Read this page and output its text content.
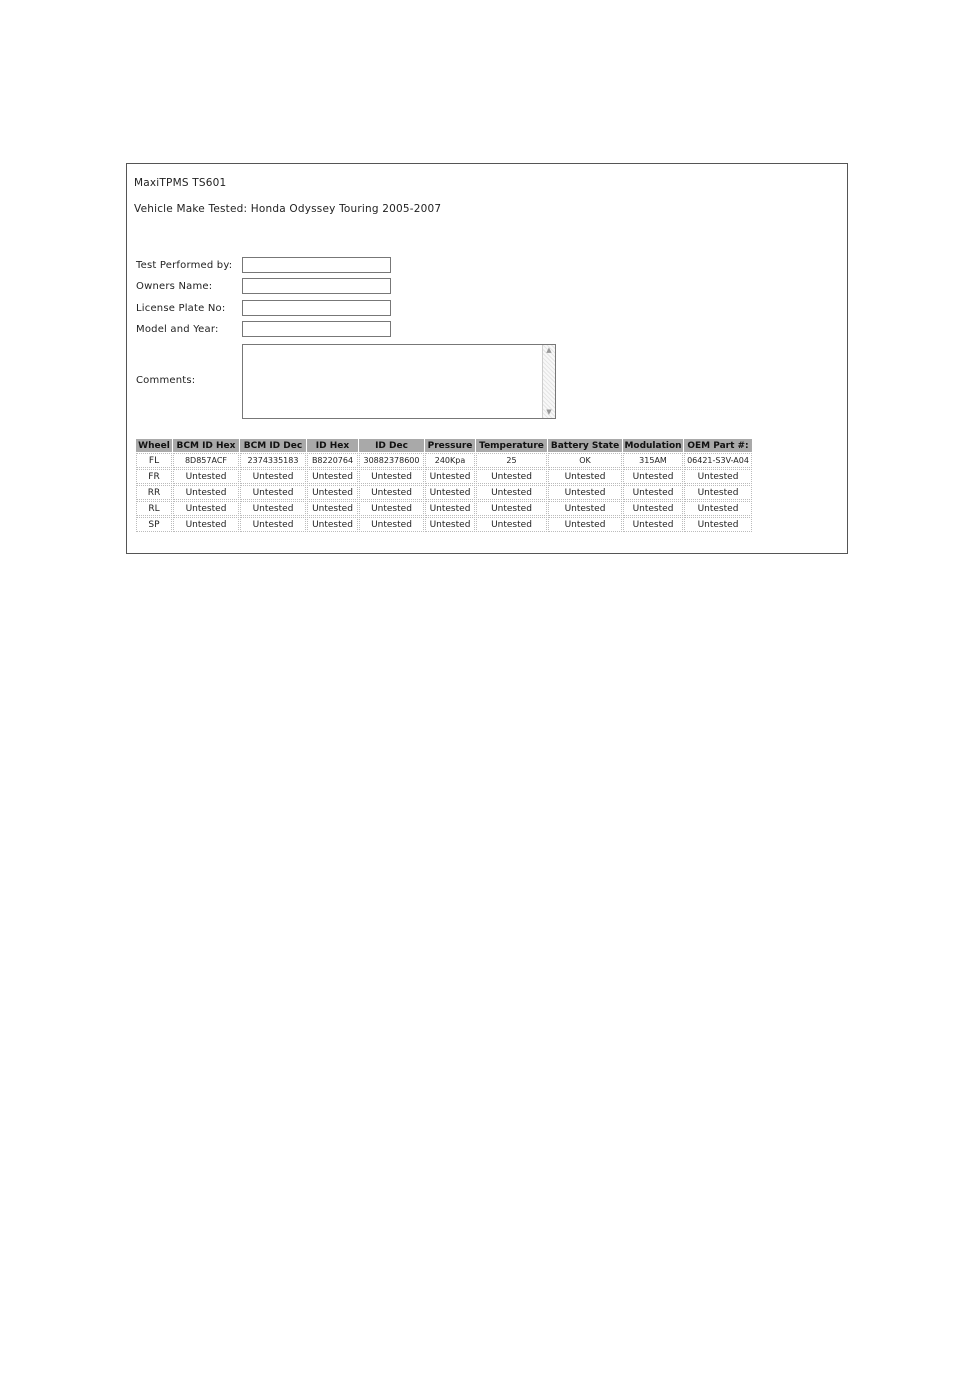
MaxiTPMS TS601
Vehicle Make Tested: Honda Odyssey Touring 2005-2007
Test Performed by:
Owners Name:
License Plate No:
Model and Year:
Comments:
▲
▼
Wheel	BCM ID Hex	BCM ID Dec	ID Hex	ID Dec	Pressure	Temperature	Battery State	Modulation	OEM Part #:
FL	8D857ACF	2374335183	B8220764	30882378600	240Kpa	25	OK	315AM	06421-S3V-A04
FR	Untested	Untested	Untested	Untested	Untested	Untested	Untested	Untested	Untested
RR	Untested	Untested	Untested	Untested	Untested	Untested	Untested	Untested	Untested
RL	Untested	Untested	Untested	Untested	Untested	Untested	Untested	Untested	Untested
SP	Untested	Untested	Untested	Untested	Untested	Untested	Untested	Untested	Untested
